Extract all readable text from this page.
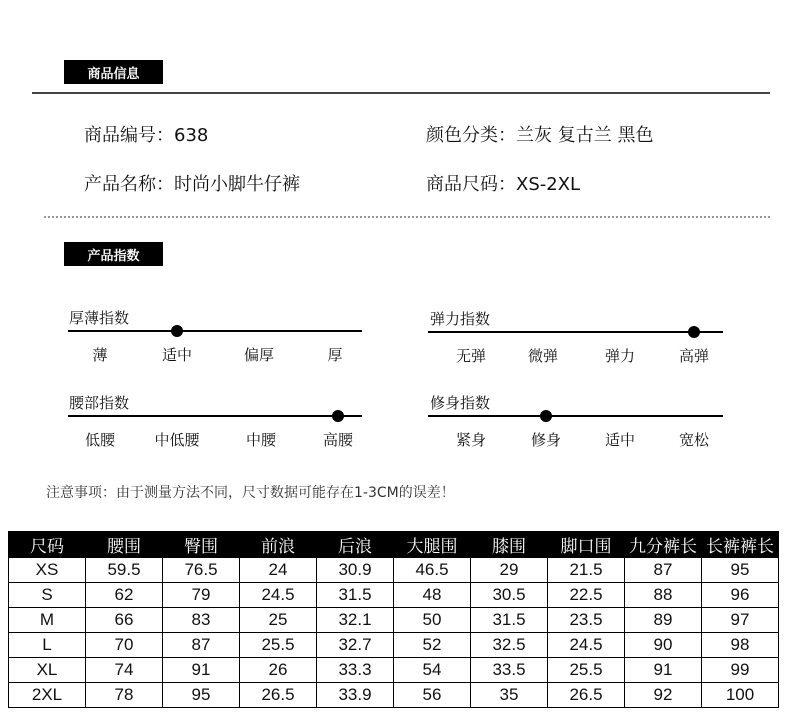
商品信息
商品编号：638	颜色分类：兰灰 复古兰 黑色
产品名称：时尚小脚牛仔裤	商品尺码：XS-2XL
产品指数
厚薄指数
薄	适中	偏厚	厚
弹力指数
无弹	微弹	弹力	高弹
腰部指数
低腰	中低腰	中腰	高腰
修身指数
紧身	修身	适中	宽松
注意事项：由于测量方法不同，尺寸数据可能存在1-3CM的误差！
尺码	腰围	臀围	前浪	后浪	大腿围	膝围	脚口围	九分裤长	长裤裤长
XS	59.5	76.5	24	30.9	46.5	29	21.5	87	95
S	62	79	24.5	31.5	48	30.5	22.5	88	96
M	66	83	25	32.1	50	31.5	23.5	89	97
L	70	87	25.5	32.7	52	32.5	24.5	90	98
XL	74	91	26	33.3	54	33.5	25.5	91	99
2XL	78	95	26.5	33.9	56	35	26.5	92	100
